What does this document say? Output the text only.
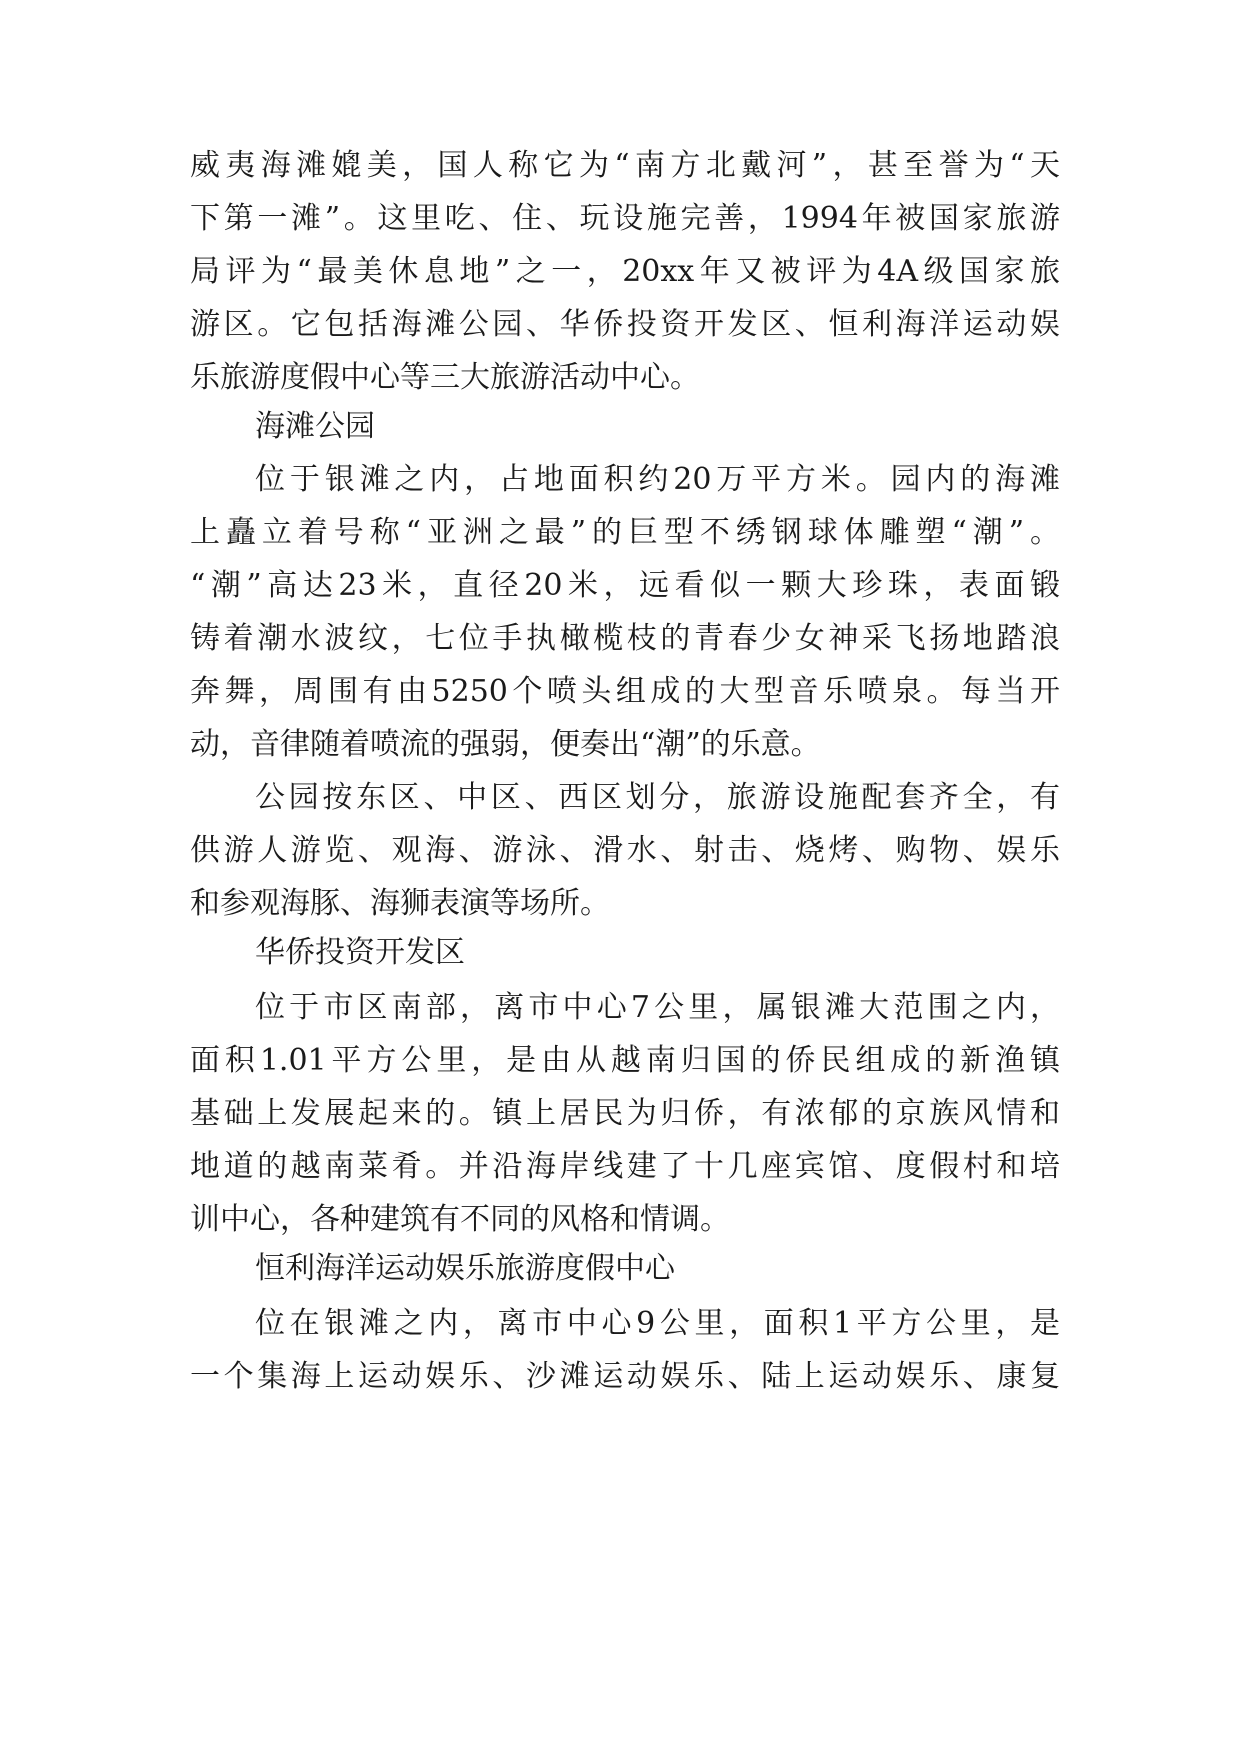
威夷海滩媲美，国人称它为“南方北戴河”，甚至誉为“天
下第一滩”。这里吃、住、玩设施完善，1994年被国家旅游
局评为“最美休息地”之一，20xx年又被评为4A级国家旅
游区。它包括海滩公园、华侨投资开发区、恒利海洋运动娱
乐旅游度假中心等三大旅游活动中心。
海滩公园
位于银滩之内，占地面积约20万平方米。园内的海滩
上矗立着号称“亚洲之最”的巨型不绣钢球体雕塑“潮”。
“潮”高达23米，直径20米，远看似一颗大珍珠，表面锻
铸着潮水波纹，七位手执橄榄枝的青春少女神采飞扬地踏浪
奔舞，周围有由5250个喷头组成的大型音乐喷泉。每当开
动，音律随着喷流的强弱，便奏出“潮”的乐意。
公园按东区、中区、西区划分，旅游设施配套齐全，有
供游人游览、观海、游泳、滑水、射击、烧烤、购物、娱乐
和参观海豚、海狮表演等场所。
华侨投资开发区
位于市区南部，离市中心7公里，属银滩大范围之内，
面积1.01平方公里，是由从越南归国的侨民组成的新渔镇
基础上发展起来的。镇上居民为归侨，有浓郁的京族风情和
地道的越南菜肴。并沿海岸线建了十几座宾馆、度假村和培
训中心，各种建筑有不同的风格和情调。
恒利海洋运动娱乐旅游度假中心
位在银滩之内，离市中心9公里，面积1平方公里，是
一个集海上运动娱乐、沙滩运动娱乐、陆上运动娱乐、康复
